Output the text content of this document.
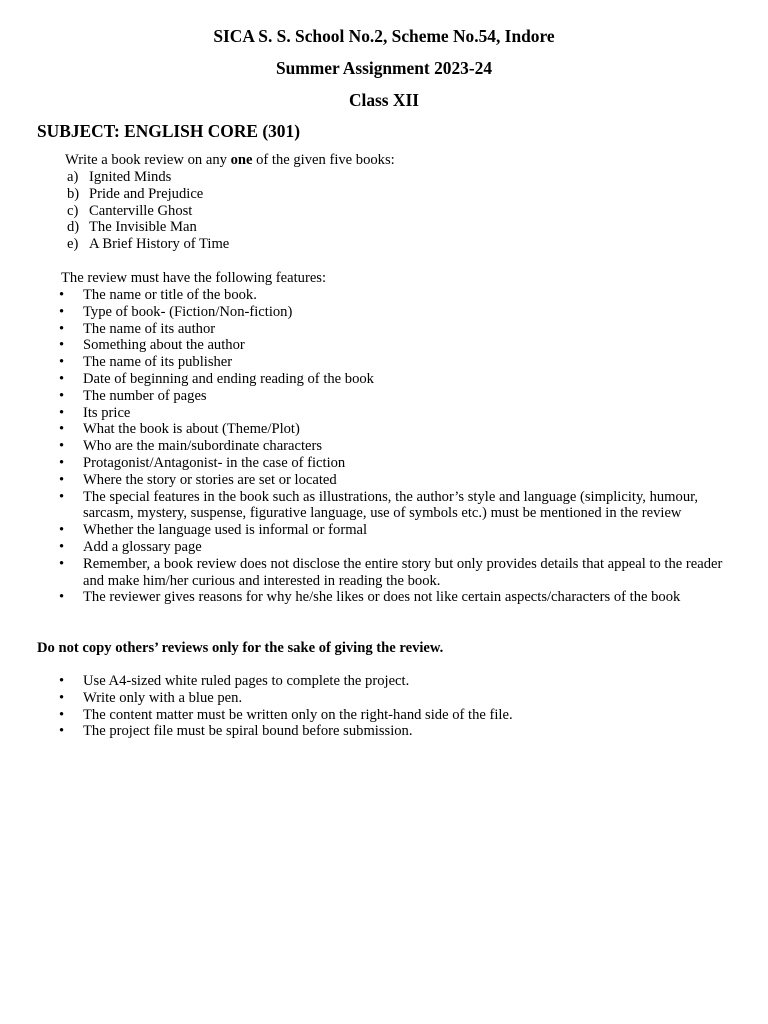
SICA S. S. School No.2, Scheme No.54, Indore
Summer Assignment 2023-24
Class XII
SUBJECT: ENGLISH CORE (301)
Write a book review on any one of the given five books:
a) Ignited Minds
b) Pride and Prejudice
c) Canterville Ghost
d) The Invisible Man
e) A Brief History of Time
The review must have the following features:
• The name or title of the book.
• Type of book- (Fiction/Non-fiction)
• The name of its author
• Something about the author
• The name of its publisher
• Date of beginning and ending reading of the book
• The number of pages
• Its price
• What the book is about (Theme/Plot)
• Who are the main/subordinate characters
• Protagonist/Antagonist- in the case of fiction
• Where the story or stories are set or located
• The special features in the book such as illustrations, the author’s style and language (simplicity, humour, sarcasm, mystery, suspense, figurative language, use of symbols etc.) must be mentioned in the review
• Whether the language used is informal or formal
• Add a glossary page
• Remember, a book review does not disclose the entire story but only provides details that appeal to the reader and make him/her curious and interested in reading the book.
• The reviewer gives reasons for why he/she likes or does not like certain aspects/characters of the book
Do not copy others’ reviews only for the sake of giving the review.
• Use A4-sized white ruled pages to complete the project.
• Write only with a blue pen.
• The content matter must be written only on the right-hand side of the file.
• The project file must be spiral bound before submission.
